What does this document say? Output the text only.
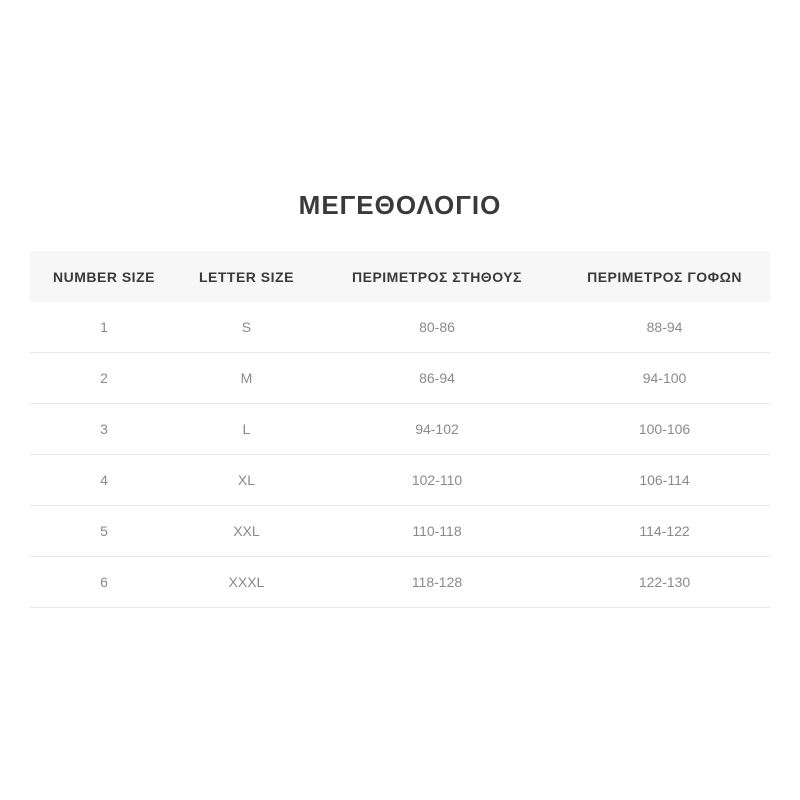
ΜΕΓΕΘΟΛΟΓΙΟ
NUMBER SIZE	LETTER SIZE	ΠΕΡΙΜΕΤΡΟΣ ΣΤΗΘΟΥΣ	ΠΕΡΙΜΕΤΡΟΣ ΓΟΦΩΝ
1	S	80-86	88-94
2	M	86-94	94-100
3	L	94-102	100-106
4	XL	102-110	106-114
5	XXL	110-118	114-122
6	XXXL	118-128	122-130
